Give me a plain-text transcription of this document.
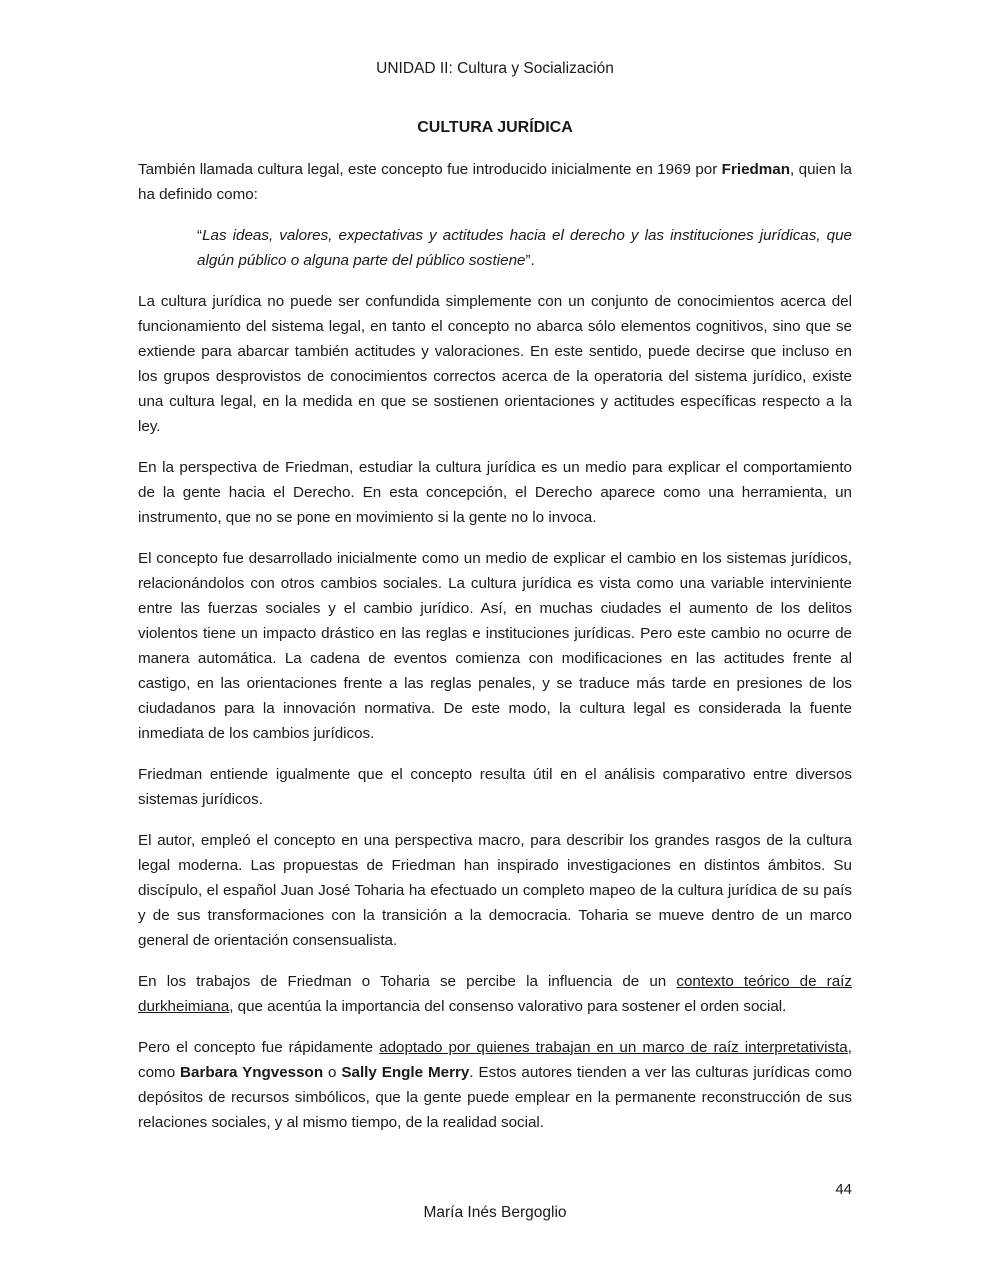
UNIDAD II: Cultura y Socialización
CULTURA JURÍDICA

También llamada cultura legal, este concepto fue introducido inicialmente en 1969 por Friedman, quien la ha definido como:

“Las ideas, valores, expectativas y actitudes hacia el derecho y las instituciones jurídicas, que algún público o alguna parte del público sostiene”.

La cultura jurídica no puede ser confundida simplemente con un conjunto de conocimientos acerca del funcionamiento del sistema legal, en tanto el concepto no abarca sólo elementos cognitivos, sino que se extiende para abarcar también actitudes y valoraciones. En este sentido, puede decirse que incluso en los grupos desprovistos de conocimientos correctos acerca de la operatoria del sistema jurídico, existe una cultura legal, en la medida en que se sostienen orientaciones y actitudes específicas respecto a la ley.

En la perspectiva de Friedman, estudiar la cultura jurídica es un medio para explicar el comportamiento de la gente hacia el Derecho. En esta concepción, el Derecho aparece como una herramienta, un instrumento, que no se pone en movimiento si la gente no lo invoca.

El concepto fue desarrollado inicialmente como un medio de explicar el cambio en los sistemas jurídicos, relacionándolos con otros cambios sociales. La cultura jurídica es vista como una variable interviniente entre las fuerzas sociales y el cambio jurídico. Así, en muchas ciudades el aumento de los delitos violentos tiene un impacto drástico en las reglas e instituciones jurídicas. Pero este cambio no ocurre de manera automática. La cadena de eventos comienza con modificaciones en las actitudes frente al castigo, en las orientaciones frente a las reglas penales, y se traduce más tarde en presiones de los ciudadanos para la innovación normativa. De este modo, la cultura legal es considerada la fuente inmediata de los cambios jurídicos.

Friedman entiende igualmente que el concepto resulta útil en el análisis comparativo entre diversos sistemas jurídicos.

El autor, empleó el concepto en una perspectiva macro, para describir los grandes rasgos de la cultura legal moderna. Las propuestas de Friedman han inspirado investigaciones en distintos ámbitos. Su discípulo, el español Juan José Toharia ha efectuado un completo mapeo de la cultura jurídica de su país y de sus transformaciones con la transición a la democracia. Toharia se mueve dentro de un marco general de orientación consensualista.

En los trabajos de Friedman o Toharia se percibe la influencia de un contexto teórico de raíz durkheimiana, que acentúa la importancia del consenso valorativo para sostener el orden social.

Pero el concepto fue rápidamente adoptado por quienes trabajan en un marco de raíz interpretativista, como Barbara Yngvesson o Sally Engle Merry. Estos autores tienden a ver las culturas jurídicas como depósitos de recursos simbólicos, que la gente puede emplear en la permanente reconstrucción de sus relaciones sociales, y al mismo tiempo, de la realidad social.

44
María Inés Bergoglio
